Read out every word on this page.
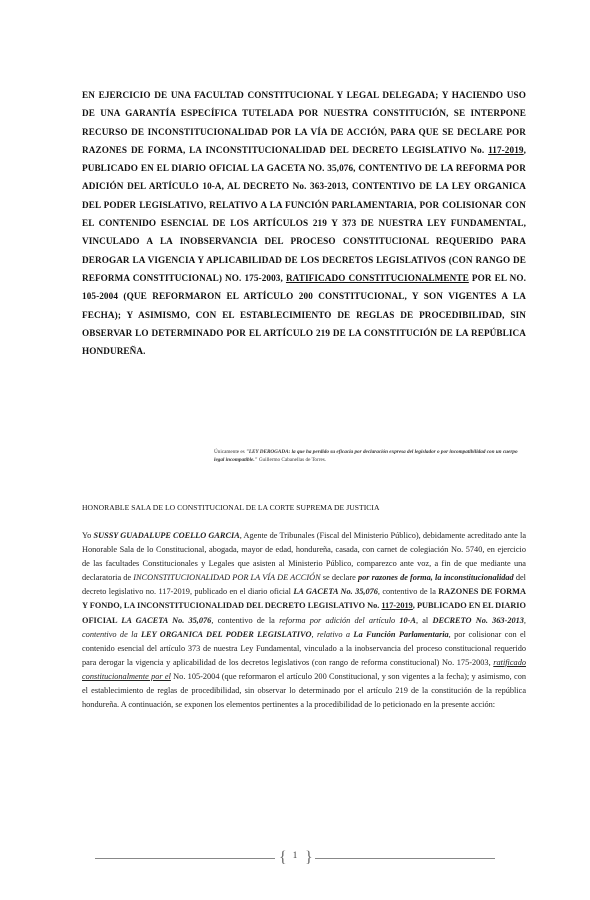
EN EJERCICIO DE UNA FACULTAD CONSTITUCIONAL Y LEGAL DELEGADA; Y HACIENDO USO DE UNA GARANTÍA ESPECÍFICA TUTELADA POR NUESTRA CONSTITUCIÓN, SE INTERPONE RECURSO DE INCONSTITUCIONALIDAD POR LA VÍA DE ACCIÓN, PARA QUE SE DECLARE POR RAZONES DE FORMA, LA INCONSTITUCIONALIDAD DEL DECRETO LEGISLATIVO No. 117-2019, PUBLICADO EN EL DIARIO OFICIAL LA GACETA NO. 35,076, CONTENTIVO DE LA REFORMA POR ADICIÓN DEL ARTÍCULO 10-A, AL DECRETO No. 363-2013, CONTENTIVO DE LA LEY ORGANICA DEL PODER LEGISLATIVO, RELATIVO A LA FUNCIÓN PARLAMENTARIA, POR COLISIONAR CON EL CONTENIDO ESENCIAL DE LOS ARTÍCULOS 219 Y 373 DE NUESTRA LEY FUNDAMENTAL, VINCULADO A LA INOBSERVANCIA DEL PROCESO CONSTITUCIONAL REQUERIDO PARA DEROGAR LA VIGENCIA Y APLICABILIDAD DE LOS DECRETOS LEGISLATIVOS (CON RANGO DE REFORMA CONSTITUCIONAL) NO. 175-2003, RATIFICADO CONSTITUCIONALMENTE POR EL NO. 105-2004 (QUE REFORMARON EL ARTÍCULO 200 CONSTITUCIONAL, Y SON VIGENTES A LA FECHA); Y ASIMISMO, CON EL ESTABLECIMIENTO DE REGLAS DE PROCEDIBILIDAD, SIN OBSERVAR LO DETERMINADO POR EL ARTÍCULO 219 DE LA CONSTITUCIÓN DE LA REPÚBLICA HONDUREÑA.
Únicamente es "LEY DEROGADA: la que ha perdido su eficacia por declaración expresa del legislador o por incompatibilidad con un cuerpo legal incompatible." Guillermo Cabanellas de Torres.
HONORABLE SALA DE LO CONSTITUCIONAL DE LA CORTE SUPREMA DE JUSTICIA
Yo SUSSY GUADALUPE COELLO GARCIA, Agente de Tribunales (Fiscal del Ministerio Público), debidamente acreditado ante la Honorable Sala de lo Constitucional, abogada, mayor de edad, hondureña, casada, con carnet de colegiación No. 5740, en ejercicio de las facultades Constitucionales y Legales que asisten al Ministerio Público, comparezco ante voz, a fin de que mediante una declaratoria de INCONSTITUCIONALIDAD POR LA VÍA DE ACCIÓN se declare por razones de forma, la inconstitucionalidad del decreto legislativo no. 117-2019, publicado en el diario oficial LA GACETA No. 35,076, contentivo de la RAZONES DE FORMA Y FONDO, LA INCONSTITUCIONALIDAD DEL DECRETO LEGISLATIVO No. 117-2019, PUBLICADO EN EL DIARIO OFICIAL LA GACETA No. 35,076, contentivo de la reforma por adición del artículo 10-A, al DECRETO No. 363-2013, contentivo de la LEY ORGANICA DEL PODER LEGISLATIVO, relativo a La Función Parlamentaria, por colisionar con el contenido esencial del artículo 373 de nuestra Ley Fundamental, vinculado a la inobservancia del proceso constitucional requerido para derogar la vigencia y aplicabilidad de los decretos legislativos (con rango de reforma constitucional) No. 175-2003, ratificado constitucionalmente por el No. 105-2004 (que reformaron el artículo 200 Constitucional, y son vigentes a la fecha); y asimismo, con el establecimiento de reglas de procedibilidad, sin observar lo determinado por el artículo 219 de la constitución de la república hondureña. A continuación, se exponen los elementos pertinentes a la procedibilidad de lo peticionado en la presente acción:
{ 1 }
